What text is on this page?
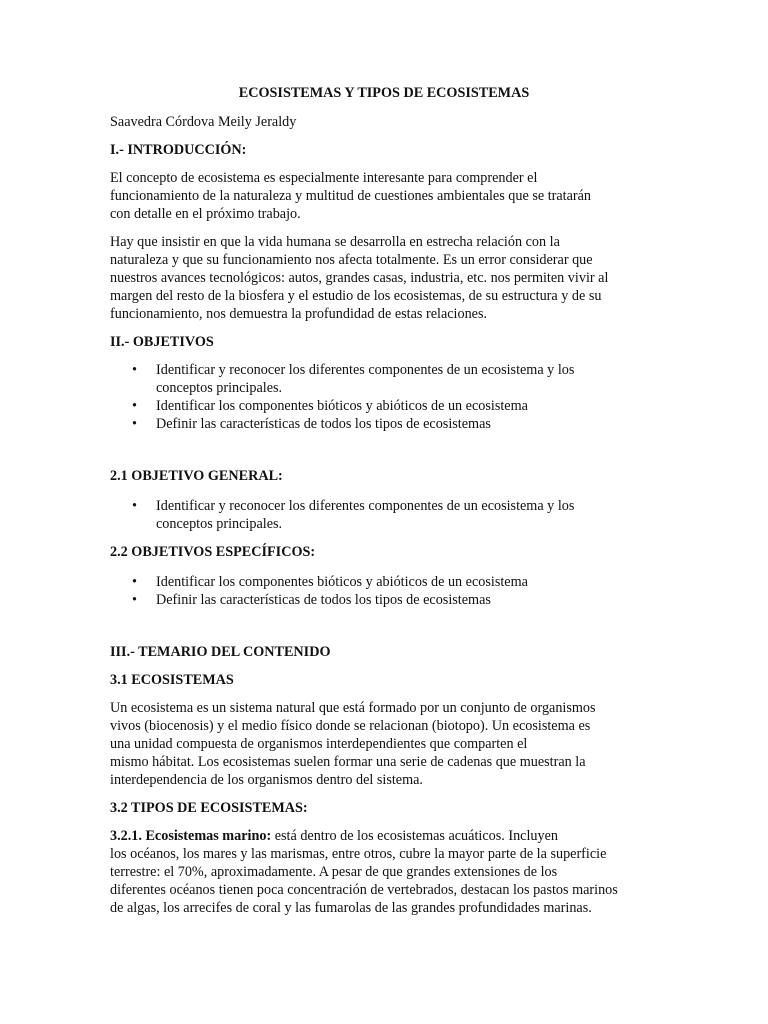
ECOSISTEMAS Y TIPOS DE ECOSISTEMAS

Saavedra Córdova Meily Jeraldy

I.- INTRODUCCIÓN:

El concepto de ecosistema es especialmente interesante para comprender el
funcionamiento de la naturaleza y multitud de cuestiones ambientales que se tratarán
con detalle en el próximo trabajo.

Hay que insistir en que la vida humana se desarrolla en estrecha relación con la
naturaleza y que su funcionamiento nos afecta totalmente. Es un error considerar que
nuestros avances tecnológicos: autos, grandes casas, industria, etc. nos permiten vivir al
margen del resto de la biosfera y el estudio de los ecosistemas, de su estructura y de su
funcionamiento, nos demuestra la profundidad de estas relaciones.

II.- OBJETIVOS

• Identificar y reconocer los diferentes componentes de un ecosistema y los
conceptos principales.
• Identificar los componentes bióticos y abióticos de un ecosistema
• Definir las características de todos los tipos de ecosistemas

2.1 OBJETIVO GENERAL:

• Identificar y reconocer los diferentes componentes de un ecosistema y los
conceptos principales.

2.2 OBJETIVOS ESPECÍFICOS:

• Identificar los componentes bióticos y abióticos de un ecosistema
• Definir las características de todos los tipos de ecosistemas

III.- TEMARIO DEL CONTENIDO

3.1 ECOSISTEMAS

Un ecosistema es un sistema natural que está formado por un conjunto de organismos
vivos (biocenosis) y el medio físico donde se relacionan (biotopo). Un ecosistema es
una unidad compuesta de organismos interdependientes que comparten el
mismo hábitat. Los ecosistemas suelen formar una serie de cadenas que muestran la
interdependencia de los organismos dentro del sistema.

3.2 TIPOS DE ECOSISTEMAS:

3.2.1. Ecosistemas marino: está dentro de los ecosistemas acuáticos. Incluyen
los océanos, los mares y las marismas, entre otros, cubre la mayor parte de la superficie
terrestre: el 70%, aproximadamente. A pesar de que grandes extensiones de los
diferentes océanos tienen poca concentración de vertebrados, destacan los pastos marinos
de algas, los arrecifes de coral y las fumarolas de las grandes profundidades marinas.
